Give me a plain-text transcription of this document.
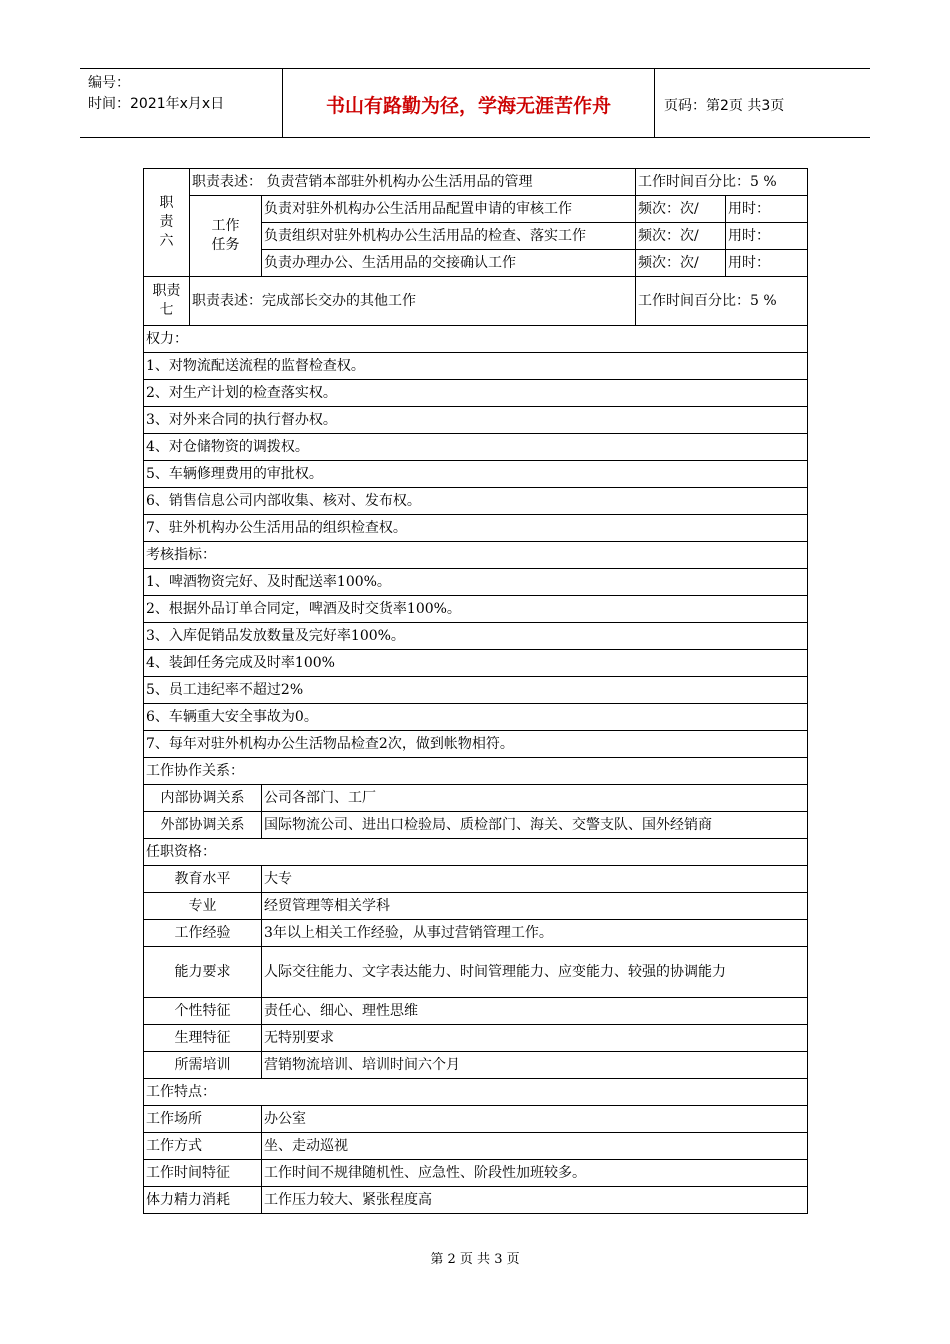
编号：
时间：2021年x月x日	书山有路勤为径，学海无涯苦作舟	页码：第2页 共3页
职责六	职责表述： 负责营销本部驻外机构办公生活用品的管理		工作时间百分比：5 %	
	工作任务	负责对驻外机构办公生活用品配置申请的审核工作	频次：次/	用时：
		负责组织对驻外机构办公生活用品的检查、落实工作	频次：次/	用时：
		负责办理办公、生活用品的交接确认工作	频次：次/	用时：
职责七	职责表述：完成部长交办的其他工作		工作时间百分比：5 %	
权力：				
1、对物流配送流程的监督检查权。				
2、对生产计划的检查落实权。				
3、对外来合同的执行督办权。				
4、对仓储物资的调拨权。				
5、车辆修理费用的审批权。				
6、销售信息公司内部收集、核对、发布权。				
7、驻外机构办公生活用品的组织检查权。				
考核指标：				
1、啤酒物资完好、及时配送率100%。				
2、根据外品订单合同定，啤酒及时交货率100%。				
3、入库促销品发放数量及完好率100%。				
4、装卸任务完成及时率100%				
5、员工违纪率不超过2%				
6、车辆重大安全事故为0。				
7、每年对驻外机构办公生活物品检查2次，做到帐物相符。				
工作协作关系：				
内部协调关系		公司各部门、工厂		
外部协调关系		国际物流公司、进出口检验局、质检部门、海关、交警支队、国外经销商		
任职资格：				
教育水平		大专		
专业		经贸管理等相关学科		
工作经验		3年以上相关工作经验，从事过营销管理工作。		
能力要求		人际交往能力、文字表达能力、时间管理能力、应变能力、较强的协调能力		
个性特征		责任心、细心、理性思维		
生理特征		无特别要求		
所需培训		营销物流培训、培训时间六个月		
工作特点：				
工作场所		办公室		
工作方式		坐、走动巡视		
工作时间特征		工作时间不规律随机性、应急性、阶段性加班较多。		
体力精力消耗		工作压力较大、紧张程度高		
第 2 页 共 3 页
